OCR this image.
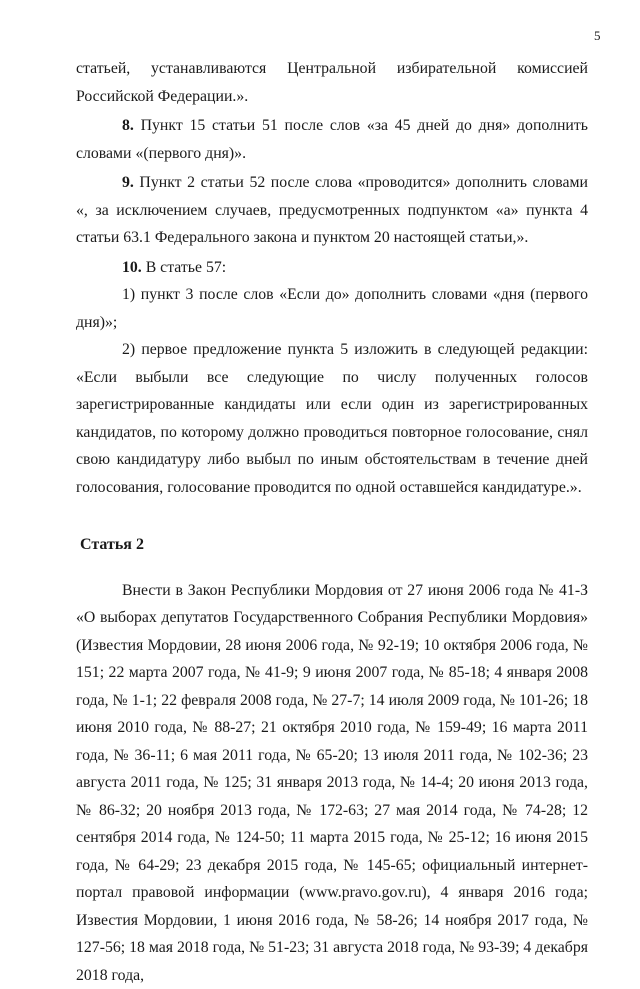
5

статьей, устанавливаются Центральной избирательной комиссией Российской Федерации.».

8. Пункт 15 статьи 51 после слов «за 45 дней до дня» дополнить словами «(первого дня)».

9. Пункт 2 статьи 52 после слова «проводится» дополнить словами «, за исключением случаев, предусмотренных подпунктом «а» пункта 4 статьи 63.1 Федерального закона и пунктом 20 настоящей статьи,».

10. В статье 57:

1) пункт 3 после слов «Если до» дополнить словами «дня (первого дня)»;

2) первое предложение пункта 5 изложить в следующей редакции: «Если выбыли все следующие по числу полученных голосов зарегистрированные кандидаты или если один из зарегистрированных кандидатов, по которому должно проводиться повторное голосование, снял свою кандидатуру либо выбыл по иным обстоятельствам в течение дней голосования, голосование проводится по одной оставшейся кандидатуре.».

Статья 2

Внести в Закон Республики Мордовия от 27 июня 2006 года № 41-З «О выборах депутатов Государственного Собрания Республики Мордовия» (Известия Мордовии, 28 июня 2006 года, № 92-19; 10 октября 2006 года, № 151; 22 марта 2007 года, № 41-9; 9 июня 2007 года, № 85-18; 4 января 2008 года, № 1-1; 22 февраля 2008 года, № 27-7; 14 июля 2009 года, № 101-26; 18 июня 2010 года, № 88-27; 21 октября 2010 года, № 159-49; 16 марта 2011 года, № 36-11; 6 мая 2011 года, № 65-20; 13 июля 2011 года, № 102-36; 23 августа 2011 года, № 125; 31 января 2013 года, № 14-4; 20 июня 2013 года, № 86-32; 20 ноября 2013 года, № 172-63; 27 мая 2014 года, № 74-28; 12 сентября 2014 года, № 124-50; 11 марта 2015 года, № 25-12; 16 июня 2015 года, № 64-29; 23 декабря 2015 года, № 145-65; официальный интернет-портал правовой информации (www.pravo.gov.ru), 4 января 2016 года; Известия Мордовии, 1 июня 2016 года, № 58-26; 14 ноября 2017 года, № 127-56; 18 мая 2018 года, № 51-23; 31 августа 2018 года, № 93-39; 4 декабря 2018 года,
